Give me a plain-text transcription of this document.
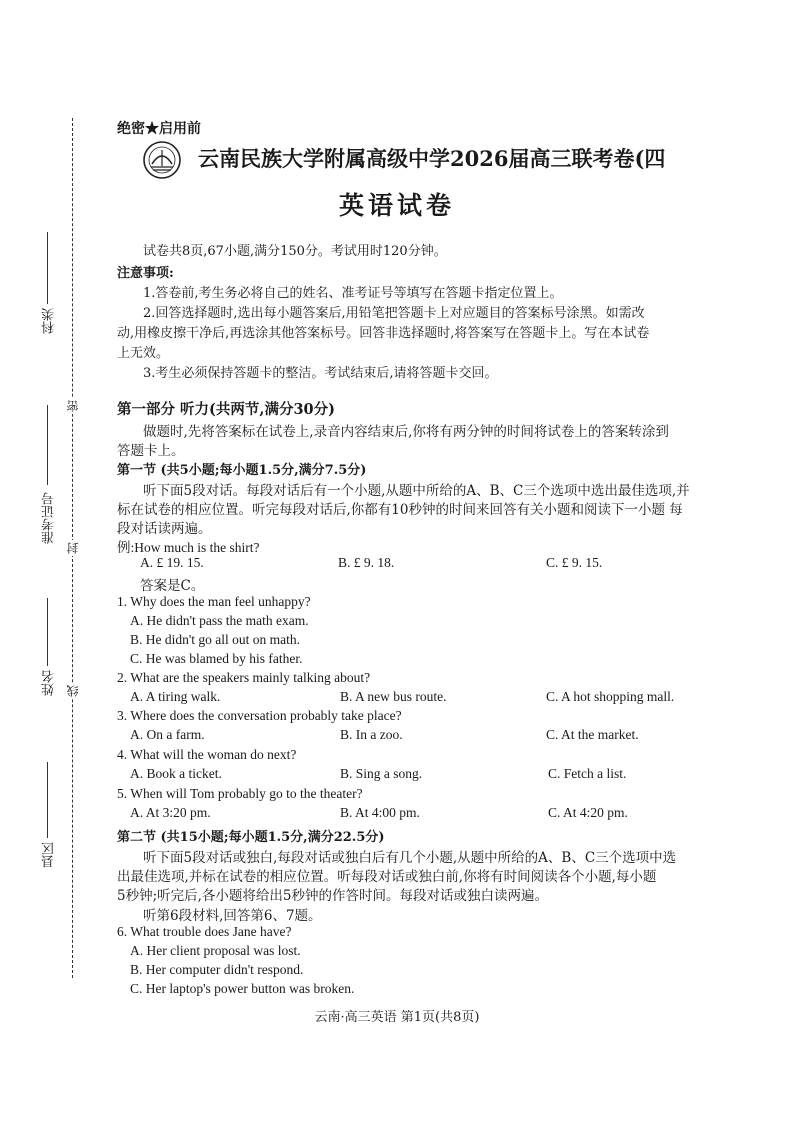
密
封
线
科类
准考证号
姓名
县区
绝密★启用前
云南民族大学附属高级中学2026届高三联考卷(四
英语试卷
试卷共8页,67小题,满分150分。考试用时120分钟。
注意事项:
1.答卷前,考生务必将自己的姓名、准考证号等填写在答题卡指定位置上。
2.回答选择题时,选出每小题答案后,用铅笔把答题卡上对应题目的答案标号涂黑。如需改
动,用橡皮擦干净后,再选涂其他答案标号。回答非选择题时,将答案写在答题卡上。写在本试卷
上无效。
3.考生必须保持答题卡的整洁。考试结束后,请将答题卡交回。
第一部分 听力(共两节,满分30分)
做题时,先将答案标在试卷上,录音内容结束后,你将有两分钟的时间将试卷上的答案转涂到
答题卡上。
第一节 (共5小题;每小题1.5分,满分7.5分)
听下面5段对话。每段对话后有一个小题,从题中所给的A、B、C三个选项中选出最佳选项,并
标在试卷的相应位置。听完每段对话后,你都有10秒钟的时间来回答有关小题和阅读下一小题 每
段对话读两遍。
例:How much is the shirt?
A. £ 19. 15.	B. £ 9. 18.	C. £ 9. 15.
答案是C。
1. Why does the man feel unhappy?
A. He didn't pass the math exam.
B. He didn't go all out on math.
C. He was blamed by his father.
2. What are the speakers mainly talking about?
A. A tiring walk.	B. A new bus route.	C. A hot shopping mall.
3. Where does the conversation probably take place?
A. On a farm.	B. In a zoo.	C. At the market.
4. What will the woman do next?
A. Book a ticket.	B. Sing a song.	C. Fetch a list.
5. When will Tom probably go to the theater?
A. At 3:20 pm.	B. At 4:00 pm.	C. At 4:20 pm.
第二节 (共15小题;每小题1.5分,满分22.5分)
听下面5段对话或独白,每段对话或独白后有几个小题,从题中所给的A、B、C三个选项中选
出最佳选项,并标在试卷的相应位置。听每段对话或独白前,你将有时间阅读各个小题,每小题
5秒钟;听完后,各小题将给出5秒钟的作答时间。每段对话或独白读两遍。
听第6段材料,回答第6、7题。
6. What trouble does Jane have?
A. Her client proposal was lost.
B. Her computer didn't respond.
C. Her laptop's power button was broken.
云南·高三英语 第1页(共8页)
